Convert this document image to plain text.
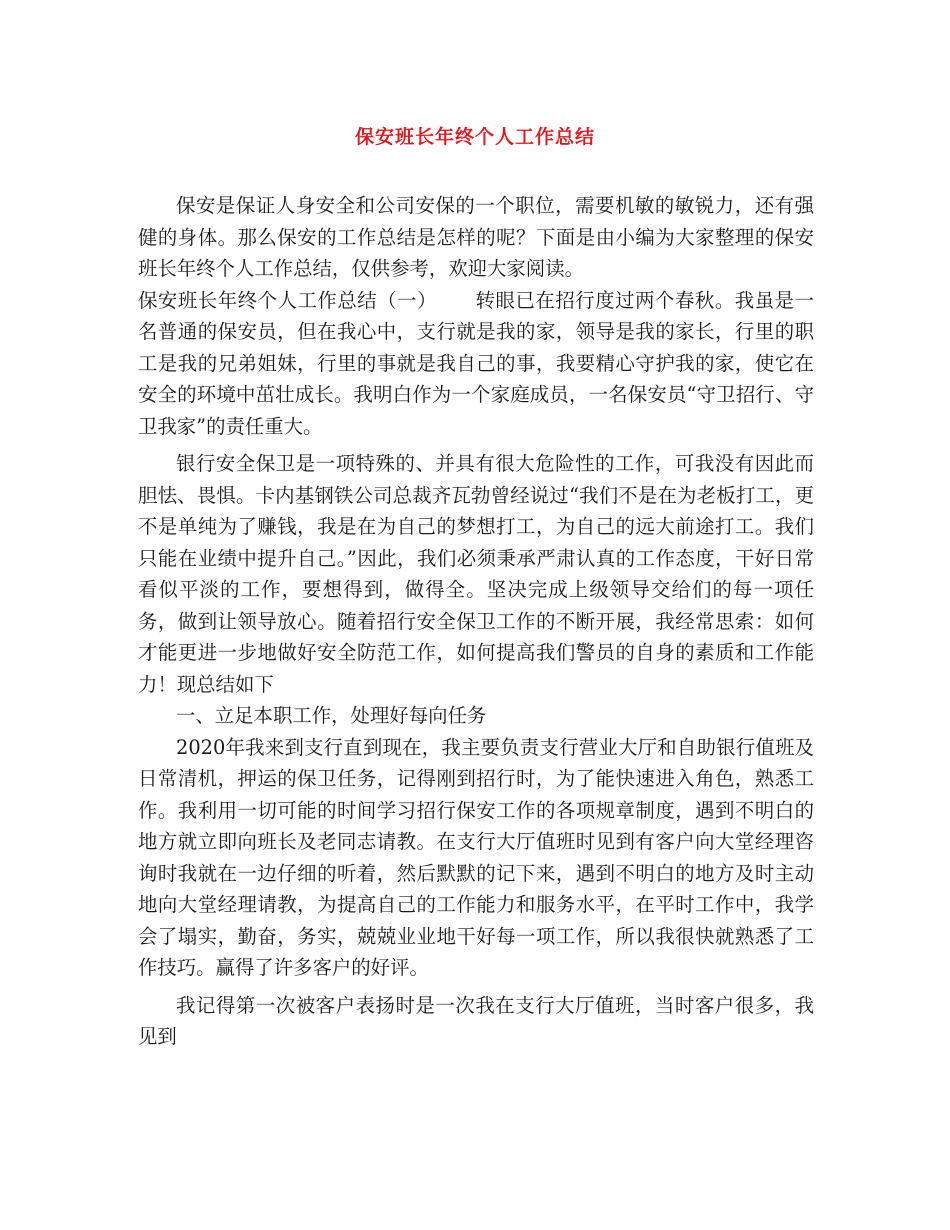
保安班长年终个人工作总结

保安是保证人身安全和公司安保的一个职位，需要机敏的敏锐力，还有强健的身体。那么保安的工作总结是怎样的呢？下面是由小编为大家整理的保安班长年终个人工作总结，仅供参考，欢迎大家阅读。

保安班长年终个人工作总结（一） 转眼已在招行度过两个春秋。我虽是一名普通的保安员，但在我心中，支行就是我的家，领导是我的家长，行里的职工是我的兄弟姐妹，行里的事就是我自己的事，我要精心守护我的家，使它在安全的环境中茁壮成长。我明白作为一个家庭成员，一名保安员“守卫招行、守卫我家”的责任重大。

银行安全保卫是一项特殊的、并具有很大危险性的工作，可我没有因此而胆怯、畏惧。卡内基钢铁公司总裁齐瓦勃曾经说过“我们不是在为老板打工，更不是单纯为了赚钱，我是在为自己的梦想打工，为自己的远大前途打工。我们只能在业绩中提升自己。”因此，我们必须秉承严肃认真的工作态度，干好日常看似平淡的工作，要想得到，做得全。坚决完成上级领导交给们的每一项任务，做到让领导放心。随着招行安全保卫工作的不断开展，我经常思索：如何才能更进一步地做好安全防范工作，如何提高我们警员的自身的素质和工作能力！现总结如下

一、立足本职工作，处理好每向任务

2020年我来到支行直到现在，我主要负责支行营业大厅和自助银行值班及日常清机，押运的保卫任务，记得刚到招行时，为了能快速进入角色，熟悉工作。我利用一切可能的时间学习招行保安工作的各项规章制度，遇到不明白的地方就立即向班长及老同志请教。在支行大厅值班时见到有客户向大堂经理咨询时我就在一边仔细的听着，然后默默的记下来，遇到不明白的地方及时主动地向大堂经理请教，为提高自己的工作能力和服务水平，在平时工作中，我学会了塌实，勤奋，务实，兢兢业业地干好每一项工作，所以我很快就熟悉了工作技巧。赢得了许多客户的好评。

我记得第一次被客户表扬时是一次我在支行大厅值班，当时客户很多，我见到
